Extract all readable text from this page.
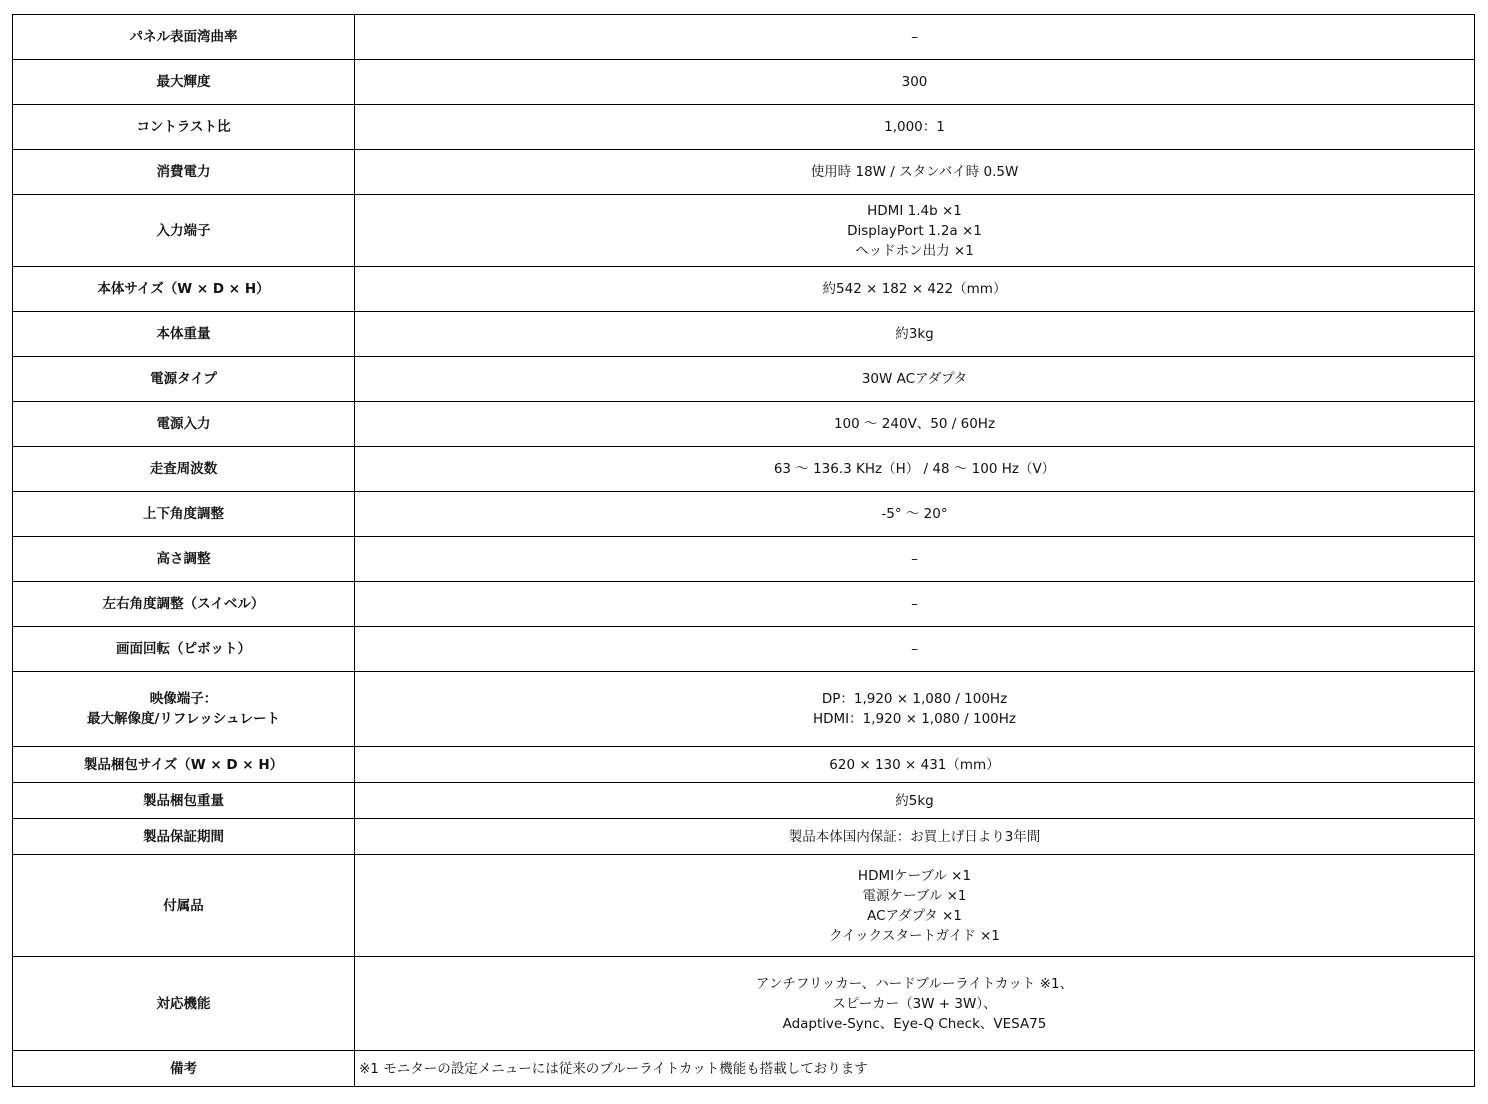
パネル表面湾曲率	–

最大輝度	300

コントラスト比	1,000：1

消費電力	使用時 18W / スタンバイ時 0.5W

入力端子	HDMI 1.4b ×1
DisplayPort 1.2a ×1
ヘッドホン出力 ×1

本体サイズ（W × D × H）	約542 × 182 × 422（mm）

本体重量	約3kg

電源タイプ	30W ACアダプタ

電源入力	100 ～ 240V、50 / 60Hz

走査周波数	63 ～ 136.3 KHz（H） / 48 ～ 100 Hz（V）

上下角度調整	-5° ～ 20°

高さ調整	–

左右角度調整（スイベル）	–

画面回転（ピボット）	–

映像端子：
最大解像度/リフレッシュレート	DP：1,920 × 1,080 / 100Hz
HDMI：1,920 × 1,080 / 100Hz

製品梱包サイズ（W × D × H）	620 × 130 × 431（mm）

製品梱包重量	約5kg

製品保証期間	製品本体国内保証：お買上げ日より3年間

付属品	HDMIケーブル ×1
電源ケーブル ×1
ACアダプタ ×1
クイックスタートガイド ×1

対応機能	アンチフリッカー、ハードブルーライトカット ※1、
スピーカー（3W + 3W）、
Adaptive-Sync、Eye-Q Check、VESA75

備考	※1 モニターの設定メニューには従来のブルーライトカット機能も搭載しております
